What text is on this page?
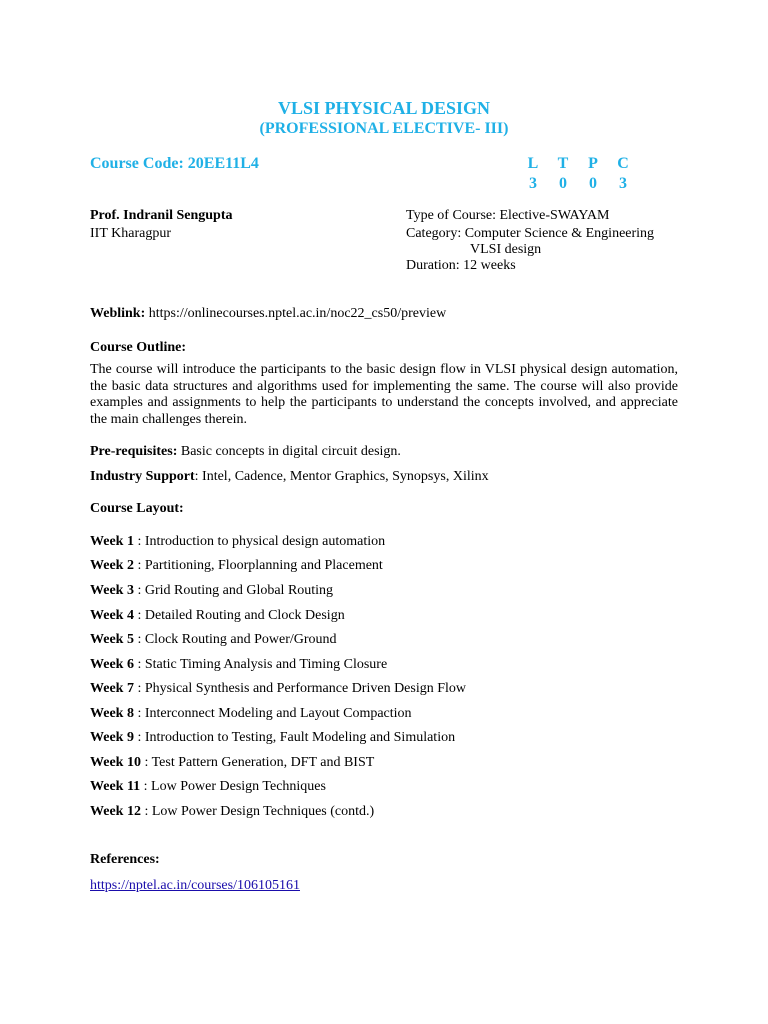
VLSI PHYSICAL DESIGN
(PROFESSIONAL ELECTIVE- III)
Course Code: 20EE11L4	L T P C
3	0	0	3
Prof. Indranil Sengupta
IIT Kharagpur
Type of Course: Elective-SWAYAM
Category: Computer Science & Engineering
VLSI design
Duration: 12 weeks
Weblink: https://onlinecourses.nptel.ac.in/noc22_cs50/preview
Course Outline:
The course will introduce the participants to the basic design flow in VLSI physical design automation, the basic data structures and algorithms used for implementing the same. The course will also provide examples and assignments to help the participants to understand the concepts involved, and appreciate the main challenges therein.
Pre-requisites: Basic concepts in digital circuit design.
Industry Support: Intel, Cadence, Mentor Graphics, Synopsys, Xilinx
Course Layout:
Week 1 : Introduction to physical design automation
Week 2 : Partitioning, Floorplanning and Placement
Week 3 : Grid Routing and Global Routing
Week 4 : Detailed Routing and Clock Design
Week 5 : Clock Routing and Power/Ground
Week 6 : Static Timing Analysis and Timing Closure
Week 7 : Physical Synthesis and Performance Driven Design Flow
Week 8 : Interconnect Modeling and Layout Compaction
Week 9 : Introduction to Testing, Fault Modeling and Simulation
Week 10 : Test Pattern Generation, DFT and BIST
Week 11 : Low Power Design Techniques
Week 12 : Low Power Design Techniques (contd.)
References:
https://nptel.ac.in/courses/106105161
